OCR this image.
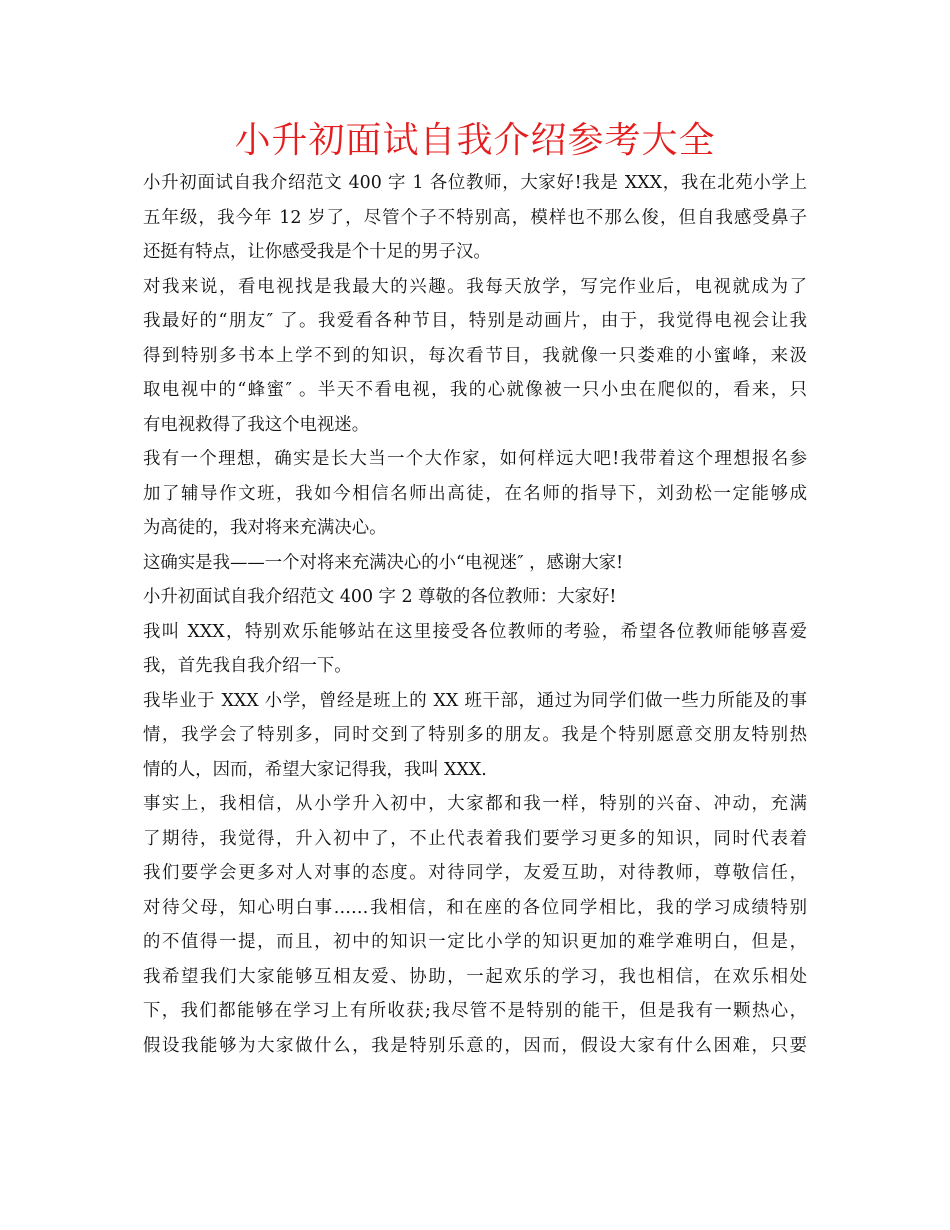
小升初面试自我介绍参考大全
小升初面试自我介绍范文 400 字 1 各位教师，大家好!我是 XXX，我在北苑小学上
五年级，我今年 12 岁了，尽管个子不特别高，模样也不那么俊，但自我感受鼻子
还挺有特点，让你感受我是个十足的男子汉。
对我来说，看电视找是我最大的兴趣。我每天放学，写完作业后，电视就成为了
我最好的“朋友″ 了。我爱看各种节目，特别是动画片，由于，我觉得电视会让我
得到特别多书本上学不到的知识，每次看节目，我就像一只娄难的小蜜峰，来汲
取电视中的“蜂蜜″ 。半天不看电视，我的心就像被一只小虫在爬似的，看来，只
有电视救得了我这个电视迷。
我有一个理想，确实是长大当一个大作家，如何样远大吧!我带着这个理想报名参
加了辅导作文班，我如今相信名师出高徒，在名师的指导下，刘劲松一定能够成
为高徒的，我对将来充满决心。
这确实是我——一个对将来充满决心的小“电视迷″ ，感谢大家!
小升初面试自我介绍范文 400 字 2 尊敬的各位教师：大家好!
我叫 XXX，特别欢乐能够站在这里接受各位教师的考验，希望各位教师能够喜爱
我，首先我自我介绍一下。
我毕业于 XXX 小学，曾经是班上的 XX 班干部，通过为同学们做一些力所能及的事
情，我学会了特别多，同时交到了特别多的朋友。我是个特别愿意交朋友特别热
情的人，因而，希望大家记得我，我叫 XXX.
事实上，我相信，从小学升入初中，大家都和我一样，特别的兴奋、冲动，充满
了期待，我觉得，升入初中了，不止代表着我们要学习更多的知识，同时代表着
我们要学会更多对人对事的态度。对待同学，友爱互助，对待教师，尊敬信任，
对待父母，知心明白事……我相信，和在座的各位同学相比，我的学习成绩特别
的不值得一提，而且，初中的知识一定比小学的知识更加的难学难明白，但是，
我希望我们大家能够互相友爱、协助，一起欢乐的学习，我也相信，在欢乐相处
下，我们都能够在学习上有所收获;我尽管不是特别的能干，但是我有一颗热心，
假设我能够为大家做什么，我是特别乐意的，因而，假设大家有什么困难，只要
